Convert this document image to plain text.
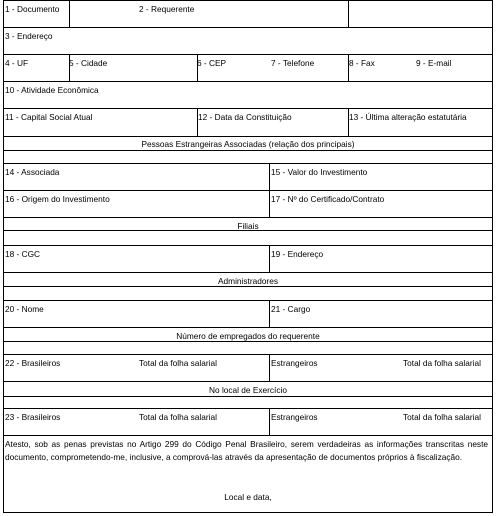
1 - Documento	2 - Requerente
3 - Endereço
4 - UF	5 - Cidade	6 - CEP	7 - Telefone	8 - Fax	9 - E-mail
10 - Atividade Econômica
11 - Capital Social Atual	12 - Data da Constituição	13 - Última alteração estatutária
Pessoas Estrangeiras Associadas (relação dos principais)
14 - Associada	15 - Valor do Investimento
16 - Origem do Investimento	17 - Nº do Certificado/Contrato
Filiais
18 - CGC	19 - Endereço
Administradores
20 - Nome	21 - Cargo
Número de empregados do requerente
22 - Brasileiros	Total da folha salarial	Estrangeiros	Total da folha salarial
No local de Exercício
23 - Brasileiros	Total da folha salarial	Estrangeiros	Total da folha salarial
Atesto, sob as penas previstas no Artigo 299 do Código Penal Brasileiro, serem verdadeiras as informações transcritas neste documento, comprometendo-me, inclusive, a comprová-las através da apresentação de documentos próprios à fiscalização.
Local e data,
